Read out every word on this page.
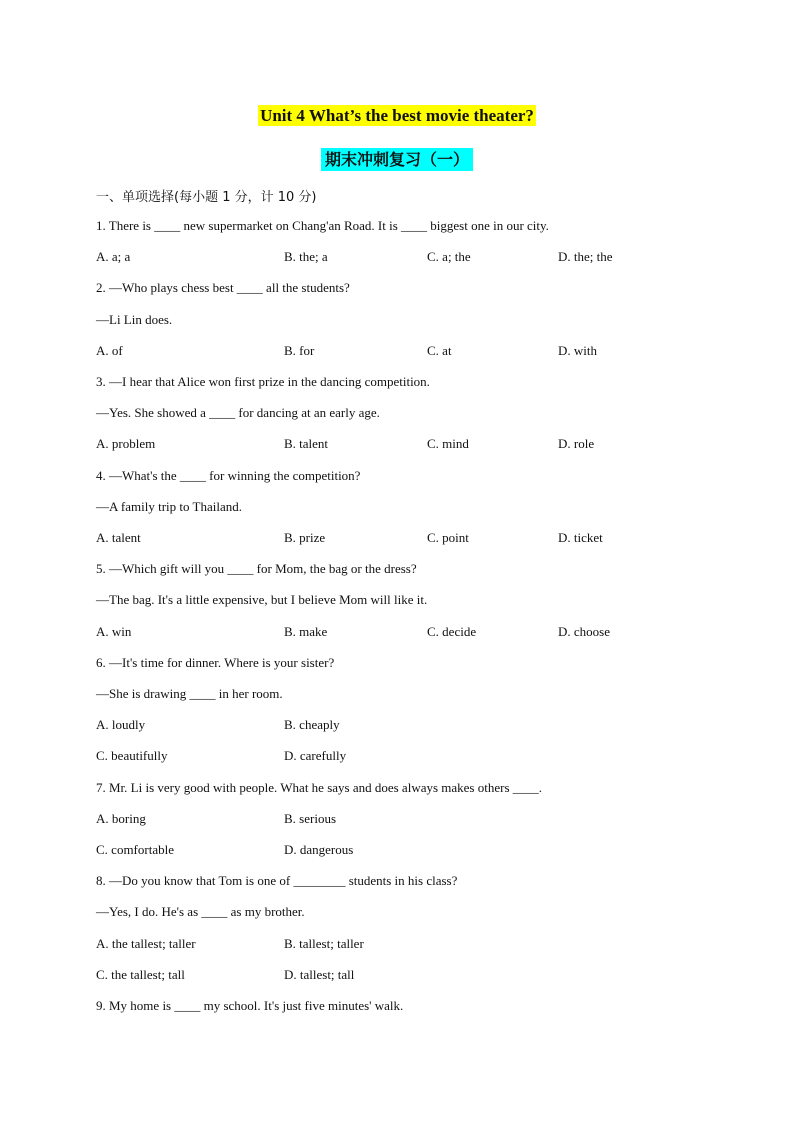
Unit 4 What’s the best movie theater?
期末冲刺复习（一）
一、单项选择(每小题 1 分，计 10 分)
1. There is ____ new supermarket on Chang'an Road. It is ____ biggest one in our city.
A. a; a	B. the; a	C. a; the	D. the; the
2. —Who plays chess best ____ all the students?
—Li Lin does.
A. of	B. for	C. at	D. with
3. —I hear that Alice won first prize in the dancing competition.
—Yes. She showed a ____ for dancing at an early age.
A. problem	B. talent	C. mind	D. role
4. —What's the ____ for winning the competition?
—A family trip to Thailand.
A. talent	B. prize	C. point	D. ticket
5. —Which gift will you ____ for Mom, the bag or the dress?
—The bag. It's a little expensive, but I believe Mom will like it.
A. win	B. make	C. decide	D. choose
6. —It's time for dinner. Where is your sister?
—She is drawing ____ in her room.
A. loudly	B. cheaply
C. beautifully	D. carefully
7. Mr. Li is very good with people. What he says and does always makes others ____.
A. boring	B. serious
C. comfortable	D. dangerous
8. —Do you know that Tom is one of ________ students in his class?
—Yes, I do. He's as ____ as my brother.
A. the tallest; taller	B. tallest; taller
C. the tallest; tall	D. tallest; tall
9. My home is ____ my school. It's just five minutes' walk.
